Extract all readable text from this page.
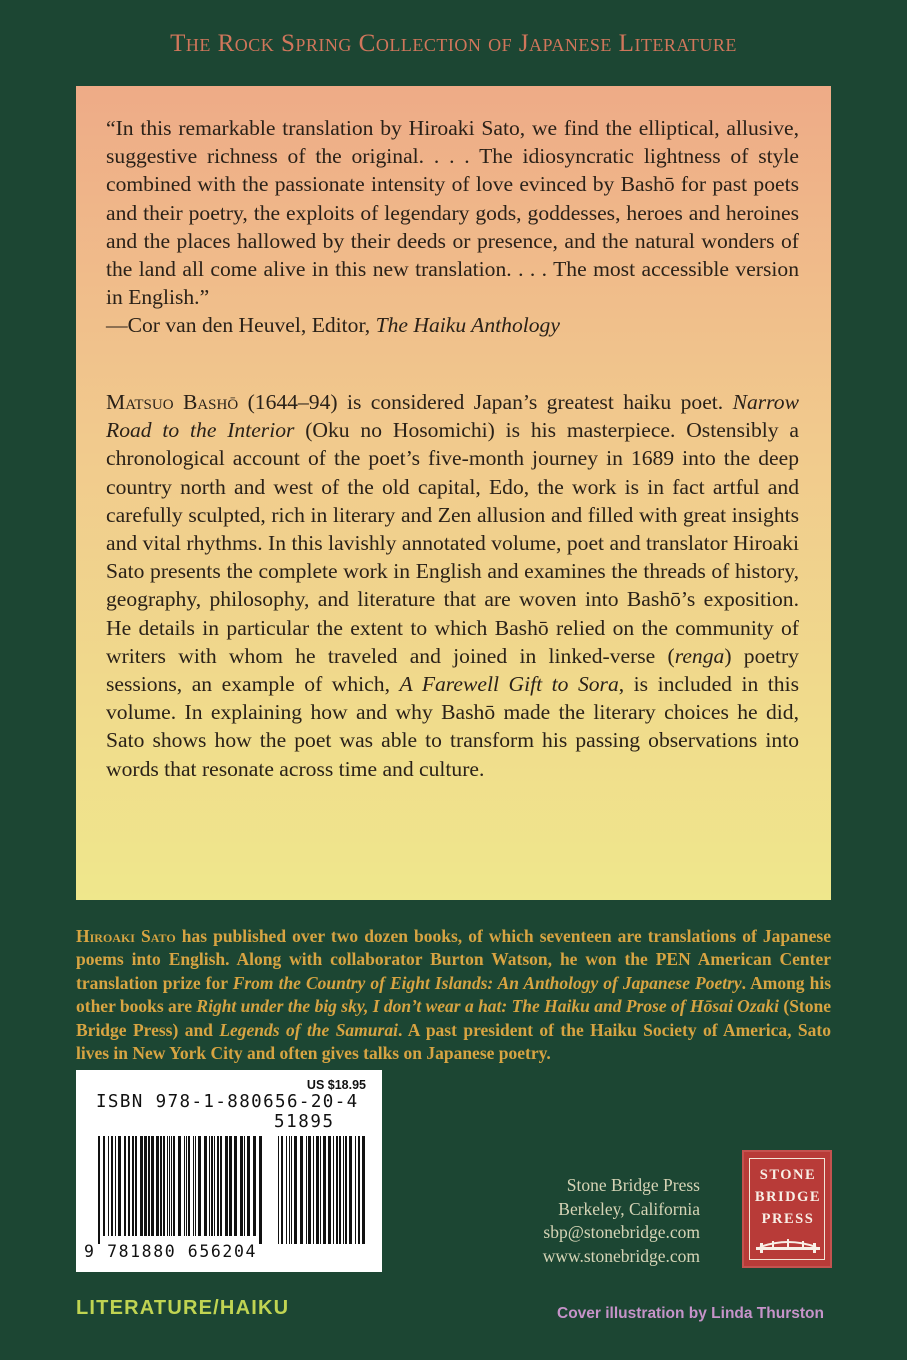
The Rock Spring Collection of Japanese Literature
“In this remarkable translation by Hiroaki Sato, we find the elliptical, allusive, suggestive richness of the original. . . . The idiosyncratic lightness of style combined with the passionate intensity of love evinced by Bashō for past poets and their poetry, the exploits of legendary gods, goddesses, heroes and heroines and the places hallowed by their deeds or presence, and the natural wonders of the land all come alive in this new translation. . . . The most accessible version in English.”
—Cor van den Heuvel, Editor, The Haiku Anthology
Matsuo Bashō (1644–94) is considered Japan’s greatest haiku poet. Narrow Road to the Interior (Oku no Hosomichi) is his masterpiece. Ostensibly a chronological account of the poet’s five-month journey in 1689 into the deep country north and west of the old capital, Edo, the work is in fact artful and carefully sculpted, rich in literary and Zen allusion and filled with great insights and vital rhythms. In this lavishly annotated volume, poet and translator Hiroaki Sato presents the complete work in English and examines the threads of history, geography, philosophy, and literature that are woven into Bashō’s exposition. He details in particular the extent to which Bashō relied on the community of writers with whom he traveled and joined in linked-verse (renga) poetry sessions, an example of which, A Farewell Gift to Sora, is included in this volume. In explaining how and why Bashō made the literary choices he did, Sato shows how the poet was able to transform his passing observations into words that resonate across time and culture.
Hiroaki Sato has published over two dozen books, of which seventeen are translations of Japanese poems into English. Along with collaborator Burton Watson, he won the PEN American Center translation prize for From the Country of Eight Islands: An Anthology of Japanese Poetry. Among his other books are Right under the big sky, I don’t wear a hat: The Haiku and Prose of Hōsai Ozaki (Stone Bridge Press) and Legends of the Samurai. A past president of the Haiku Society of America, Sato lives in New York City and often gives talks on Japanese poetry.
US $18.95
ISBN 978-1-880656-20-4
51895
9 781880 656204
Stone Bridge Press
Berkeley, California
sbp@stonebridge.com
www.stonebridge.com
STONE
BRIDGE
PRESS
LITERATURE/HAIKU	Cover illustration by Linda Thurston
